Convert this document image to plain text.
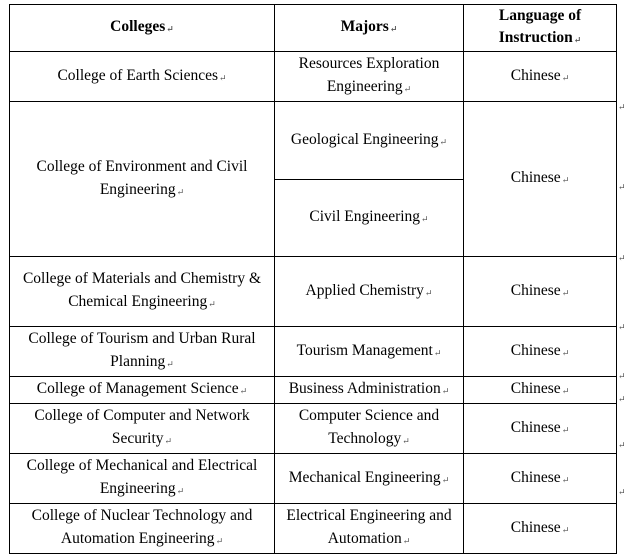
Colleges↵	Majors↵	Language of Instruction↵
College of Earth Sciences↵	Resources Exploration Engineering↵	Chinese↵
College of Environment and Civil Engineering↵	Geological Engineering↵	Chinese↵
	Civil Engineering↵	
College of Materials and Chemistry & Chemical Engineering↵	Applied Chemistry↵	Chinese↵
College of Tourism and Urban Rural Planning↵	Tourism Management↵	Chinese↵
College of Management Science↵	Business Administration↵	Chinese↵
College of Computer and Network Security↵	Computer Science and Technology↵	Chinese↵
College of Mechanical and Electrical Engineering↵	Mechanical Engineering↵	Chinese↵
College of Nuclear Technology and Automation Engineering↵	Electrical Engineering and Automation↵	Chinese↵
↵
↵
↵
↵
↵
↵
↵
↵
